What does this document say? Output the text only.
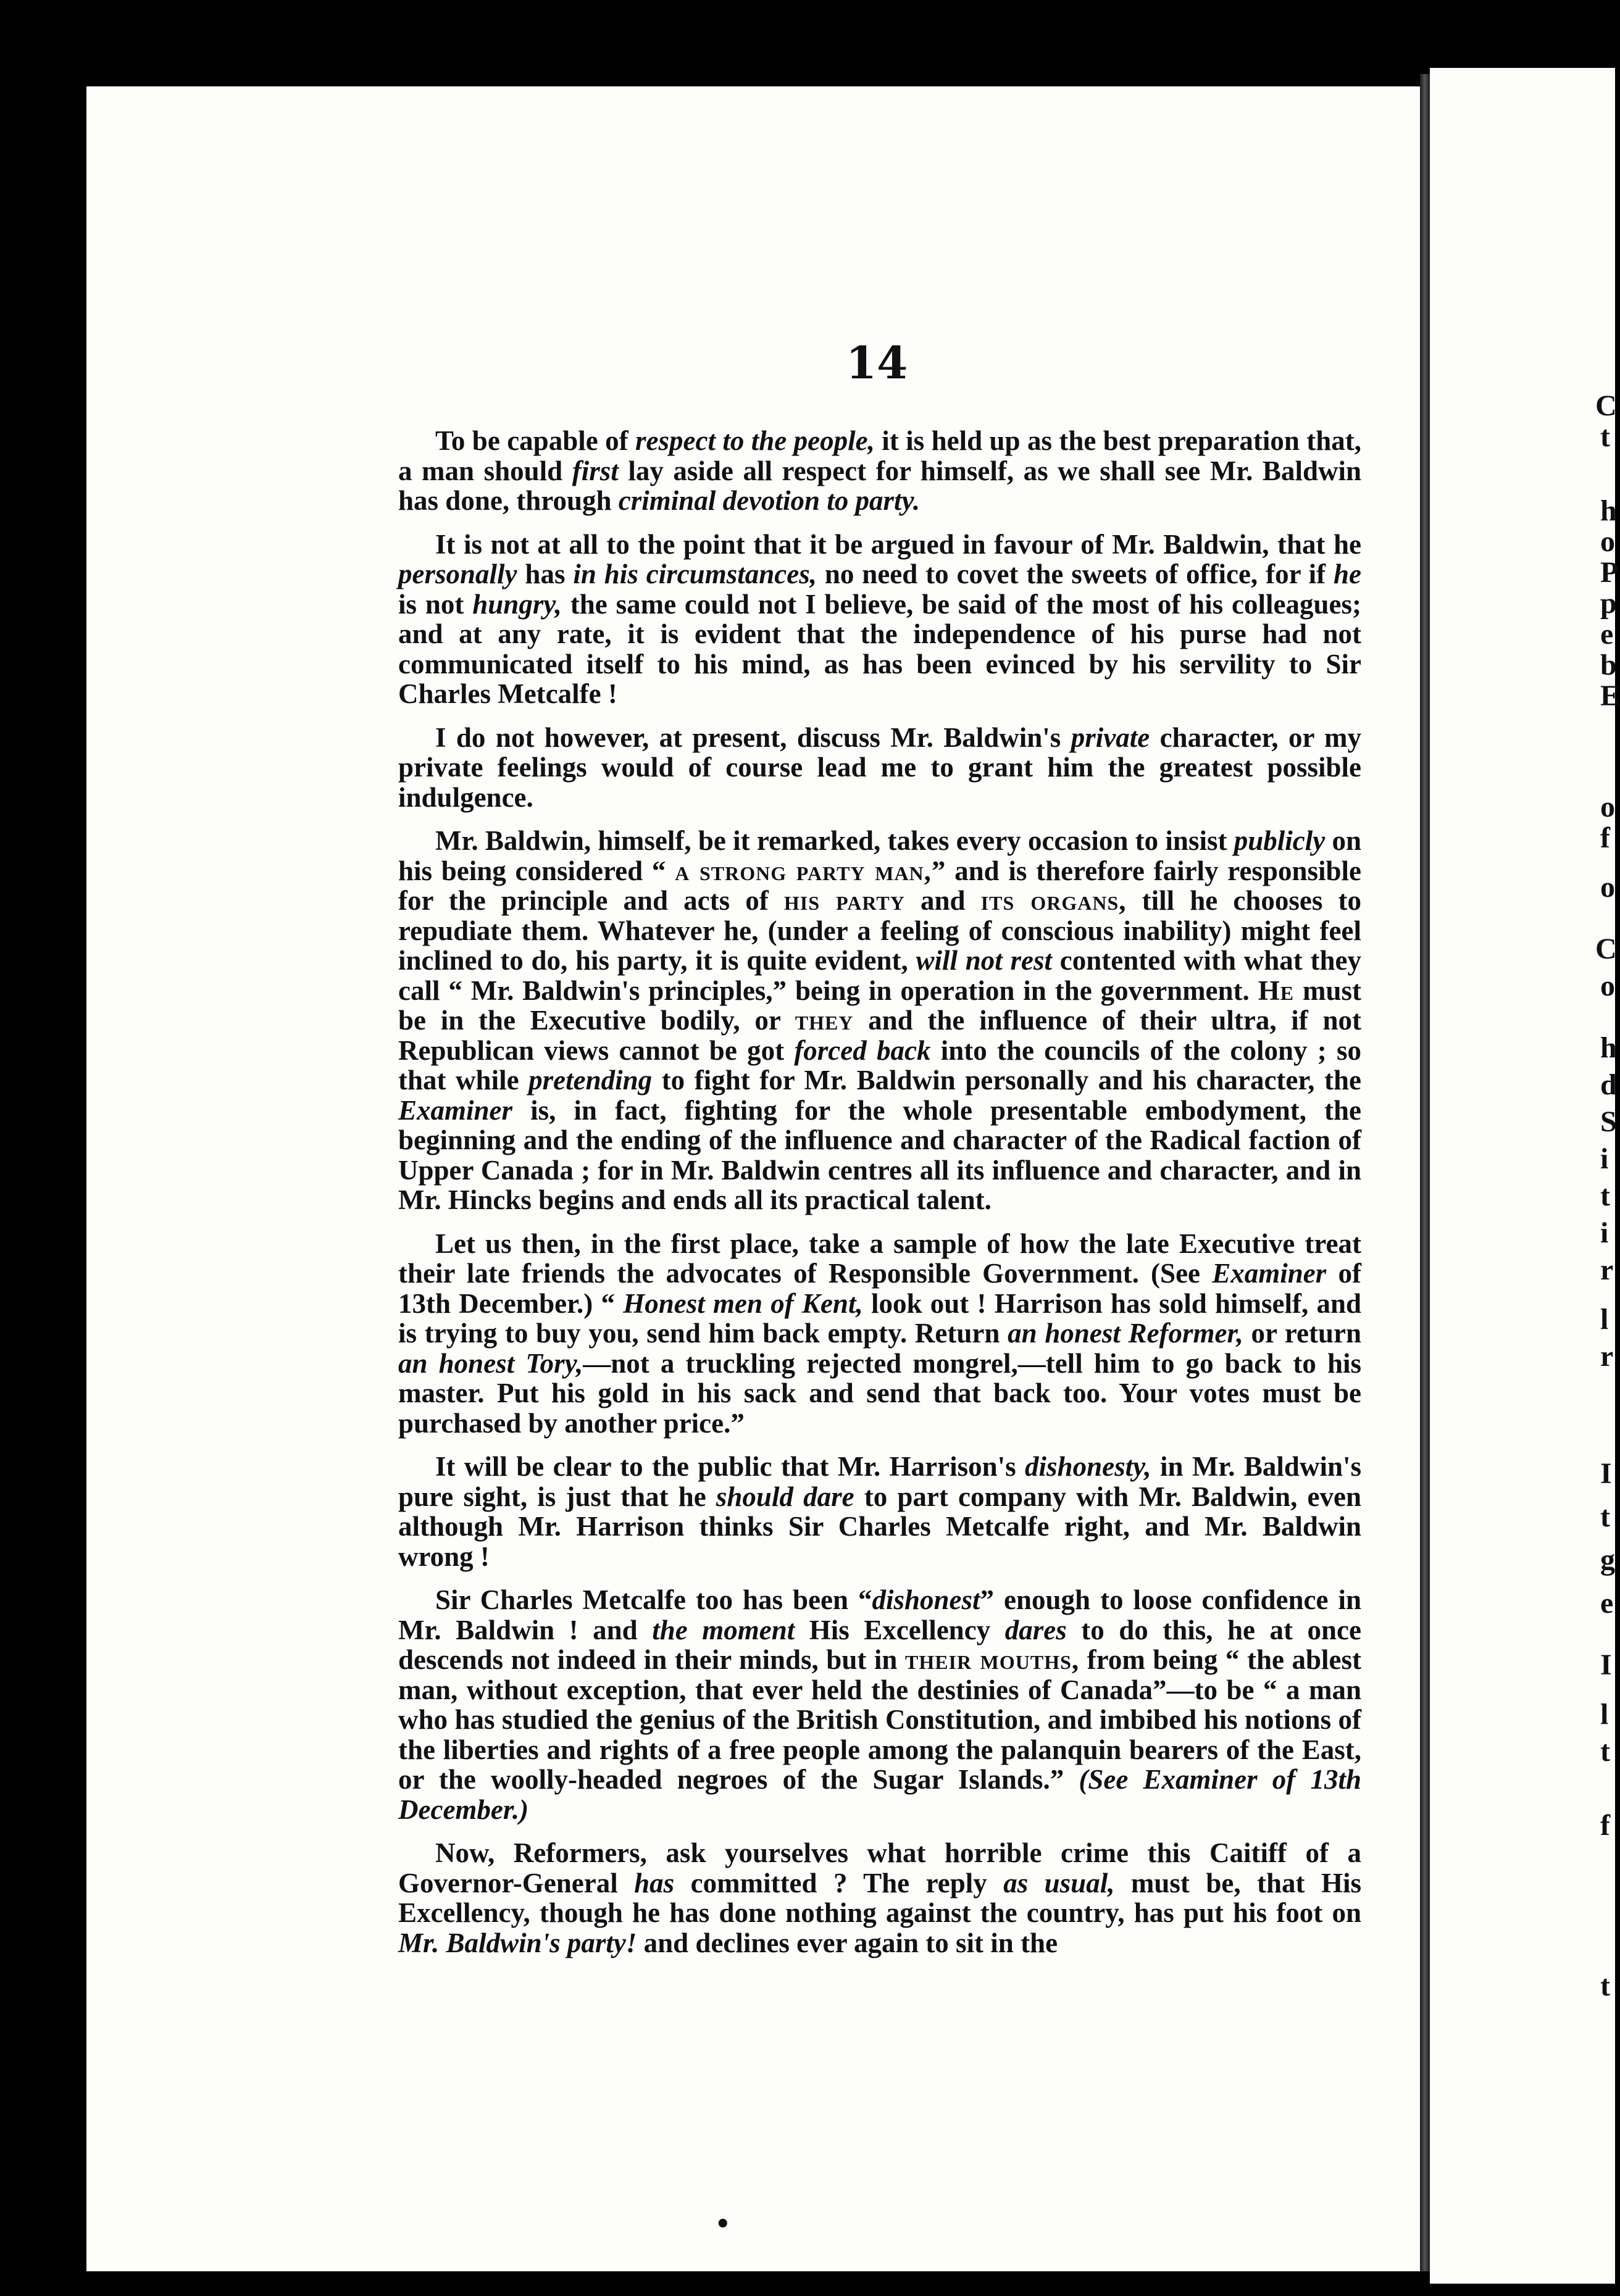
14

To be capable of respect to the people, it is held up as the best preparation that, a man should first lay aside all respect for himself, as we shall see Mr. Baldwin has done, through criminal devotion to party.

It is not at all to the point that it be argued in favour of Mr. Baldwin, that he personally has in his circumstances, no need to covet the sweets of office, for if he is not hungry, the same could not I believe, be said of the most of his colleagues; and at any rate, it is evident that the independence of his purse had not communicated itself to his mind, as has been evinced by his servility to Sir Charles Metcalfe !

I do not however, at present, discuss Mr. Baldwin's private character, or my private feelings would of course lead me to grant him the greatest possible indulgence.

Mr. Baldwin, himself, be it remarked, takes every occasion to insist publicly on his being considered “ a strong party man,” and is therefore fairly responsible for the principle and acts of his party and its organs, till he chooses to repudiate them. Whatever he, (under a feeling of conscious inability) might feel inclined to do, his party, it is quite evident, will not rest contented with what they call “ Mr. Baldwin's principles,” being in operation in the government. He must be in the Executive bodily, or they and the influence of their ultra, if not Republican views cannot be got forced back into the councils of the colony ; so that while pretending to fight for Mr. Baldwin personally and his character, the Examiner is, in fact, fighting for the whole presentable embodyment, the beginning and the ending of the influence and character of the Radical faction of Upper Canada ; for in Mr. Baldwin centres all its influence and character, and in Mr. Hincks begins and ends all its practical talent.

Let us then, in the first place, take a sample of how the late Executive treat their late friends the advocates of Responsible Government. (See Examiner of 13th December.) “ Honest men of Kent, look out ! Harrison has sold himself, and is trying to buy you, send him back empty. Return an honest Reformer, or return an honest Tory,—not a truckling rejected mongrel,—tell him to go back to his master. Put his gold in his sack and send that back too. Your votes must be purchased by another price.”

It will be clear to the public that Mr. Harrison's dishonesty, in Mr. Baldwin's pure sight, is just that he should dare to part company with Mr. Baldwin, even although Mr. Harrison thinks Sir Charles Metcalfe right, and Mr. Baldwin wrong !

Sir Charles Metcalfe too has been “dishonest” enough to loose confidence in Mr. Baldwin ! and the moment His Excellency dares to do this, he at once descends not indeed in their minds, but in their mouths, from being “ the ablest man, without exception, that ever held the destinies of Canada”—to be “ a man who has studied the genius of the British Constitution, and imbibed his notions of the liberties and rights of a free people among the palanquin bearers of the East, or the woolly-headed negroes of the Sugar Islands.” (See Examiner of 13th December.)

Now, Reformers, ask yourselves what horrible crime this Caitiff of a Governor-General has committed ? The reply as usual, must be, that His Excellency, though he has done nothing against the country, has put his foot on Mr. Baldwin's party! and declines ever again to sit in the

•
C
t
h
o
P
p
e
b
E
o
f
o
C
o
h
d
S
i
t
i
r
l
r
I
t
g
e
I
l
t
f
t
